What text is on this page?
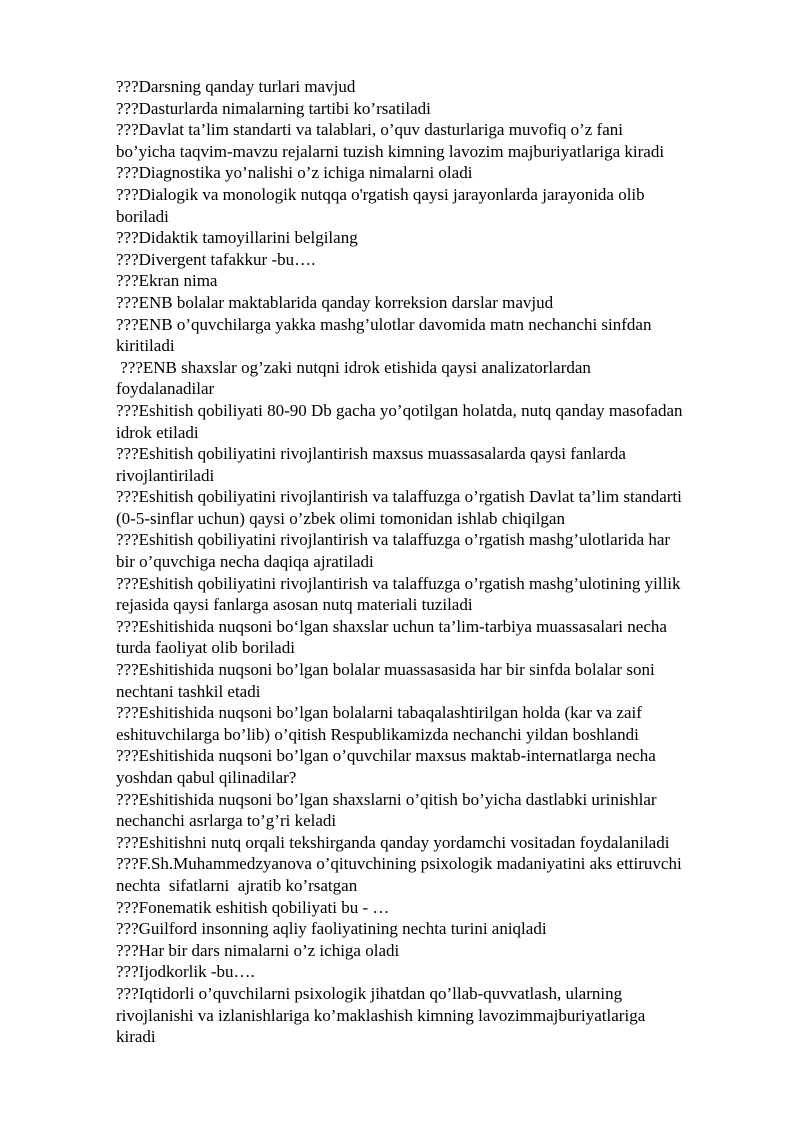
???Darsning qanday turlari mavjud
???Dasturlarda nimalarning tartibi ko’rsatiladi
???Davlat ta’lim standarti va talablari, o’quv dasturlariga muvofiq o’z fani
bo’yicha taqvim-mavzu rejalarni tuzish kimning lavozim majburiyatlariga kiradi
???Diagnostika yo’nalishi o’z ichiga nimalarni oladi
???Dialogik va monologik nutqqa o'rgatish qaysi jarayonlarda jarayonida olib
boriladi
???Didaktik tamoyillarini belgilang
???Divergent tafakkur -bu….
???Ekran nima
???ENB bolalar maktablarida qanday korreksion darslar mavjud
???ENB o’quvchilarga yakka mashg’ulotlar davomida matn nechanchi sinfdan
kiritiladi
???ENB shaxslar og’zaki nutqni idrok etishida qaysi analizatorlardan
foydalanadilar
???Eshitish qobiliyati 80-90 Db gacha yo’qotilgan holatda, nutq qanday masofadan
idrok etiladi
???Eshitish qobiliyatini rivojlantirish maxsus muassasalarda qaysi fanlarda
rivojlantiriladi
???Eshitish qobiliyatini rivojlantirish va talaffuzga o’rgatish Davlat ta’lim standarti
(0-5-sinflar uchun) qaysi o’zbek olimi tomonidan ishlab chiqilgan
???Eshitish qobiliyatini rivojlantirish va talaffuzga o’rgatish mashg’ulotlarida har
bir o’quvchiga necha daqiqa ajratiladi
???Eshitish qobiliyatini rivojlantirish va talaffuzga o’rgatish mashg’ulotining yillik
rejasida qaysi fanlarga asosan nutq materiali tuziladi
???Eshitishida nuqsoni bo‘lgan shaxslar uchun ta’lim-tarbiya muassasalari necha
turda faoliyat olib boriladi
???Eshitishida nuqsoni bo’lgan bolalar muassasasida har bir sinfda bolalar soni
nechtani tashkil etadi
???Eshitishida nuqsoni bo’lgan bolalarni tabaqalashtirilgan holda (kar va zaif
eshituvchilarga bo’lib) o’qitish Respublikamizda nechanchi yildan boshlandi
???Eshitishida nuqsoni bo’lgan o’quvchilar maxsus maktab-internatlarga necha
yoshdan qabul qilinadilar?
???Eshitishida nuqsoni bo’lgan shaxslarni o’qitish bo’yicha dastlabki urinishlar
nechanchi asrlarga to’g’ri keladi
???Eshitishni nutq orqali tekshirganda qanday yordamchi vositadan foydalaniladi
???F.Sh.Muhammedzyanova o’qituvchining psixologik madaniyatini aks ettiruvchi
nechta  sifatlarni  ajratib ko’rsatgan
???Fonematik eshitish qobiliyati bu - …
???Guilford insonning aqliy faoliyatining nechta turini aniqladi
???Har bir dars nimalarni o’z ichiga oladi
???Ijodkorlik -bu….
???Iqtidorli o’quvchilarni psixologik jihatdan qo’llab-quvvatlash, ularning
rivojlanishi va izlanishlariga ko’maklashish kimning lavozimmajburiyatlariga
kiradi
